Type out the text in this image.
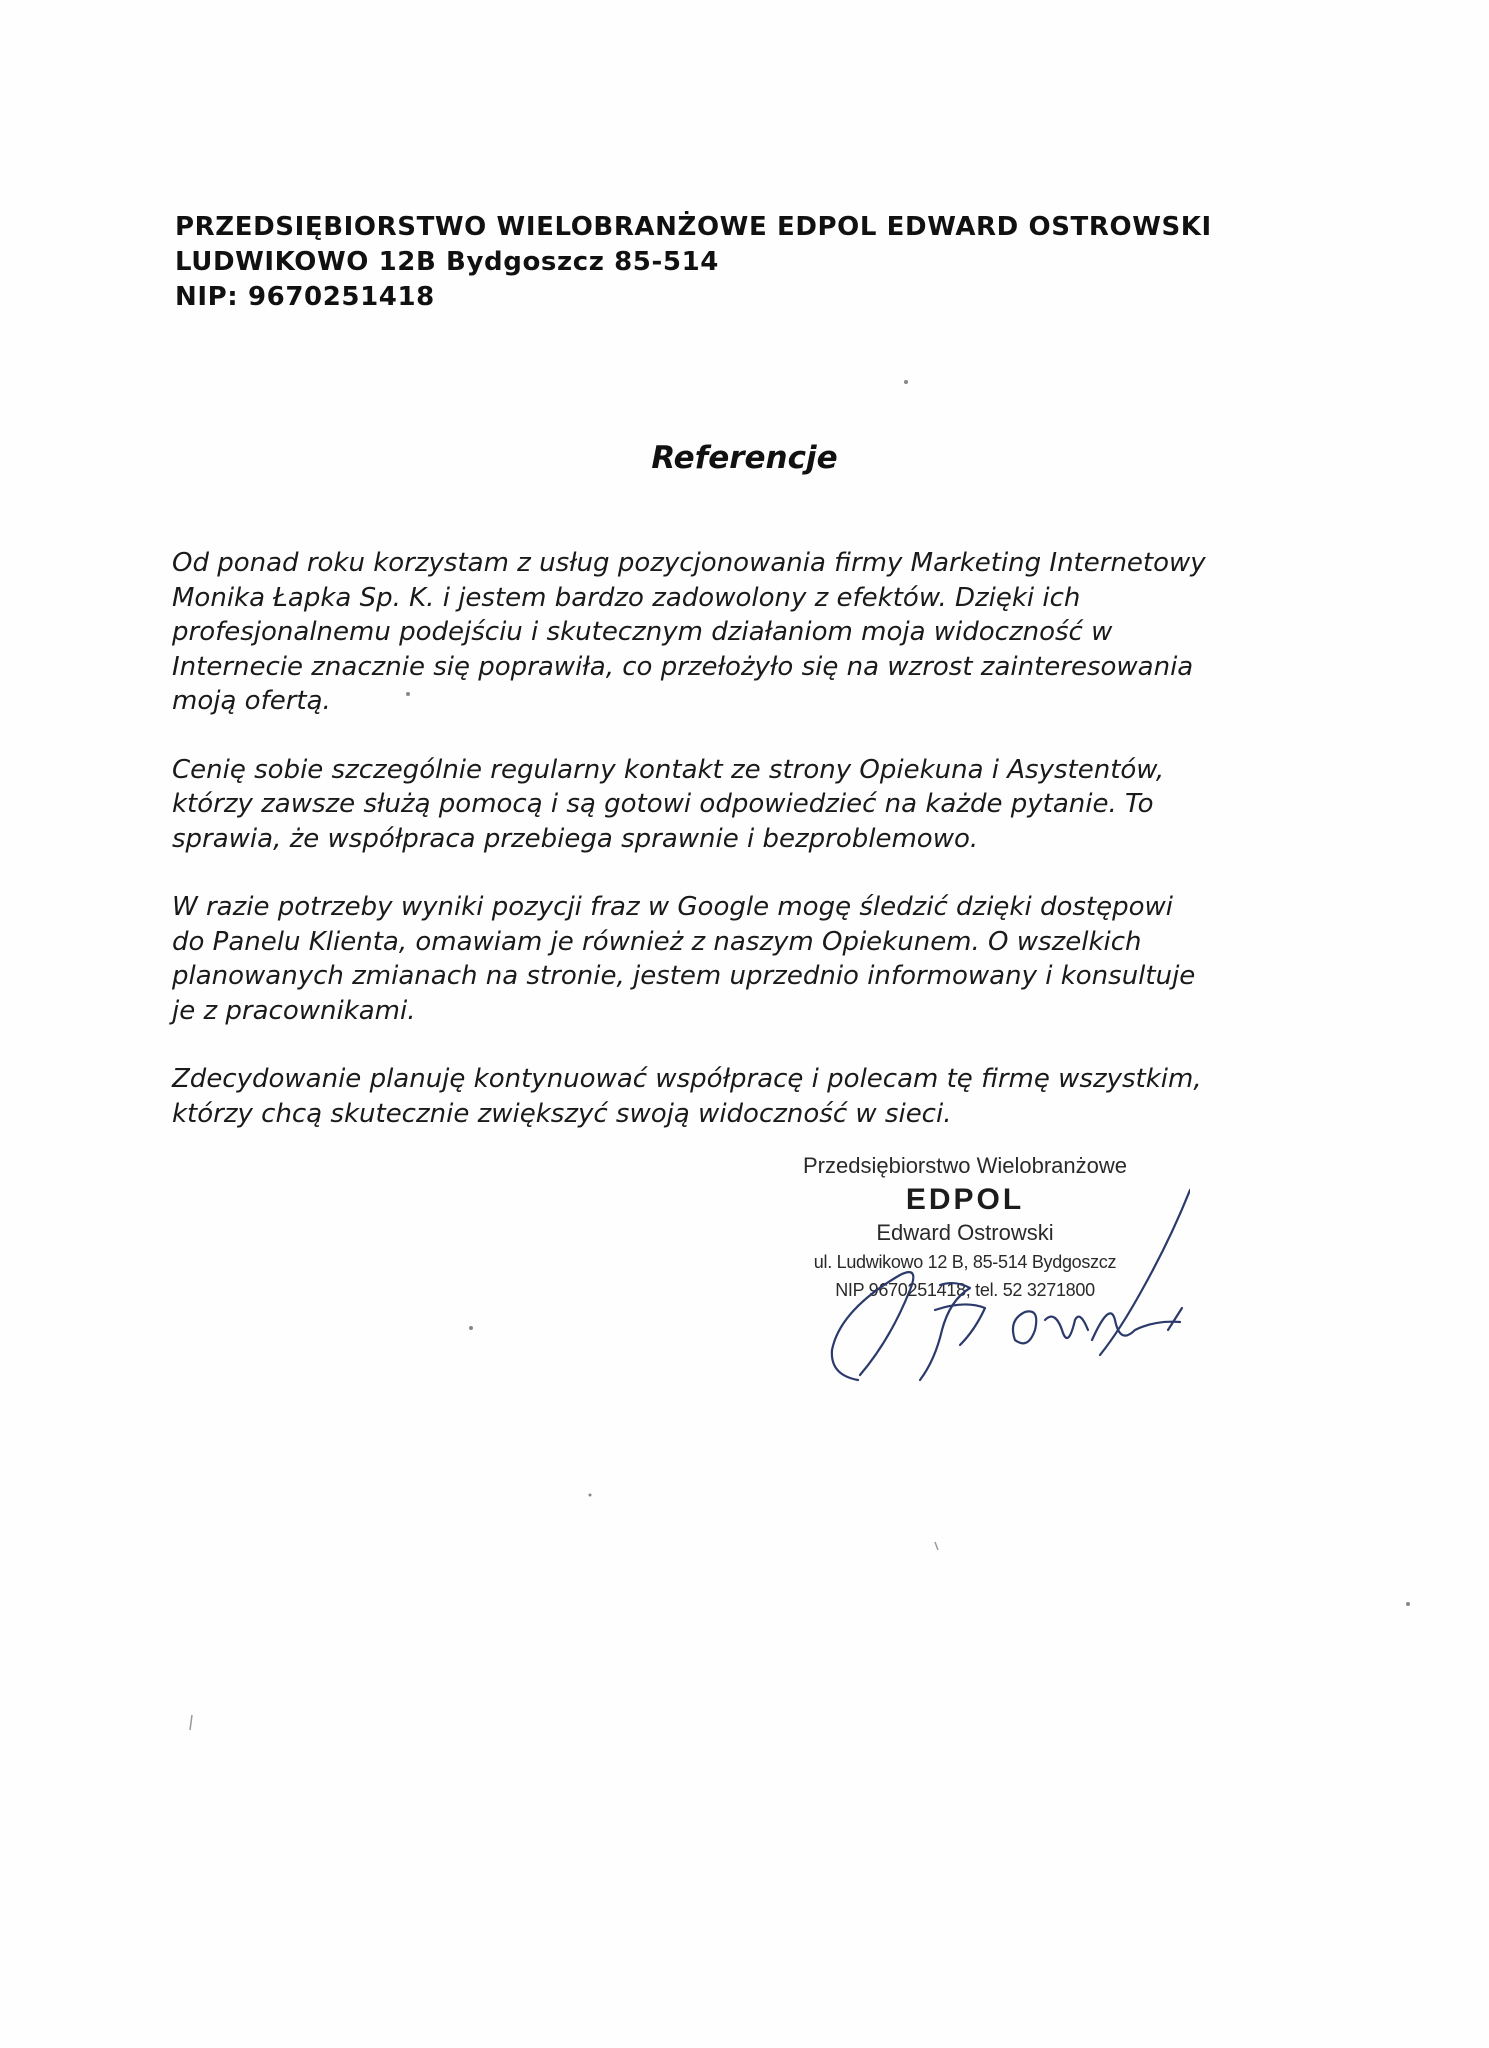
PRZEDSIĘBIORSTWO WIELOBRANŻOWE EDPOL EDWARD OSTROWSKI
LUDWIKOWO 12B Bydgoszcz 85-514
NIP: 9670251418
Referencje

Od ponad roku korzystam z usług pozycjonowania firmy Marketing Internetowy
Monika Łapka Sp. K. i jestem bardzo zadowolony z efektów. Dzięki ich
profesjonalnemu podejściu i skutecznym działaniom moja widoczność w
Internecie znacznie się poprawiła, co przełożyło się na wzrost zainteresowania
moją ofertą.

Cenię sobie szczególnie regularny kontakt ze strony Opiekuna i Asystentów,
którzy zawsze służą pomocą i są gotowi odpowiedzieć na każde pytanie. To
sprawia, że współpraca przebiega sprawnie i bezproblemowo.

W razie potrzeby wyniki pozycji fraz w Google mogę śledzić dzięki dostępowi
do Panelu Klienta, omawiam je również z naszym Opiekunem. O wszelkich
planowanych zmianach na stronie, jestem uprzednio informowany i konsultuje
je z pracownikami.

Zdecydowanie planuję kontynuować współpracę i polecam tę firmę wszystkim,
którzy chcą skutecznie zwiększyć swoją widoczność w sieci.

Przedsiębiorstwo Wielobranżowe
EDPOL
Edward Ostrowski
ul. Ludwikowo 12 B, 85-514 Bydgoszcz
NIP 9670251418, tel. 52 3271800
